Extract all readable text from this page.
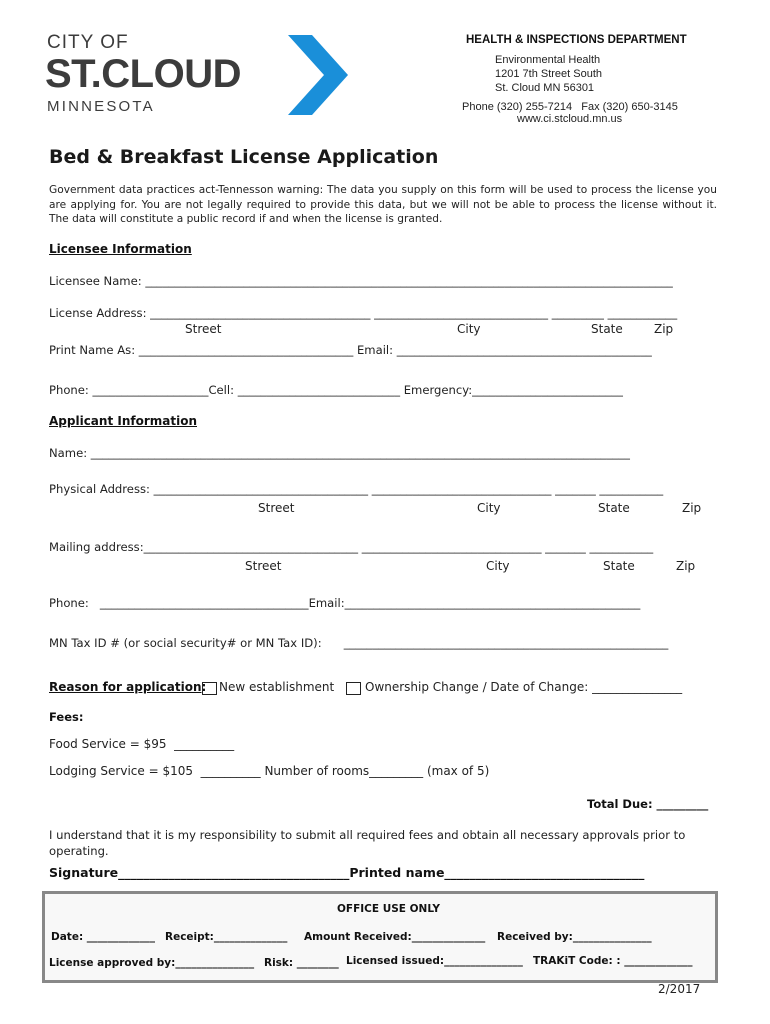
CITY OF
ST.CLOUD
MINNESOTA
HEALTH & INSPECTIONS DEPARTMENT
Environmental Health
1201 7th Street South
St. Cloud MN 56301
Phone (320) 255-7214   Fax (320) 650-3145
www.ci.stcloud.mn.us
Bed & Breakfast License Application
Government data practices act-Tennesson warning: The data you supply on this form will be used to process the license you are applying for. You are not legally required to provide this data, but we will not be able to process the license without it. The data will constitute a public record if and when the license is granted.
Licensee Information
Licensee Name: ___________________________________________________________________________________________
License Address: ______________________________________ ______________________________ _________ ____________
Street	City	State	Zip
Print Name As: _____________________________________ Email: ____________________________________________
Phone: ____________________Cell: ____________________________ Emergency:__________________________
Applicant Information
Name: _____________________________________________________________________________________________
Physical Address: _____________________________________ _______________________________ _______ ___________
Street	City	State	Zip
Mailing address:_____________________________________ _______________________________ _______ ___________
Street	City	State	Zip
Phone:   ____________________________________Email:___________________________________________________
MN Tax ID # (or social security# or MN Tax ID):      ________________________________________________________
Reason for application: New establishment	Ownership Change / Date of Change: _______________
Fees:
Food Service = $95  __________
Lodging Service = $105  __________ Number of rooms_________ (max of 5)
Total Due: _________
I understand that it is my responsibility to submit all required fees and obtain all necessary approvals prior to operating.
Signature_____________________________________Printed name________________________________
OFFICE USE ONLY
Date: _____________ Receipt:______________ Amount Received:______________ Received by:_______________
License approved by:_______________ Risk: ________ Licensed issued:_______________ TRAKiT Code: : _____________
2/2017
